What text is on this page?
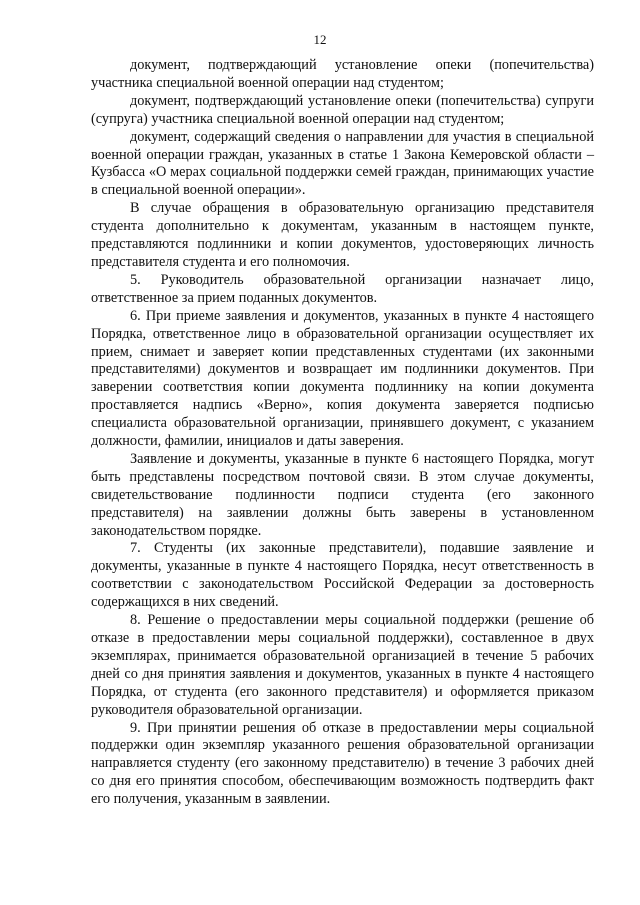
12

документ, подтверждающий установление опеки (попечительства) участника специальной военной операции над студентом;

документ, подтверждающий установление опеки (попечительства) супруги (супруга) участника специальной военной операции над студентом;

документ, содержащий сведения о направлении для участия в специальной военной операции граждан, указанных в статье 1 Закона Кемеровской области – Кузбасса «О мерах социальной поддержки семей граждан, принимающих участие в специальной военной операции».

В случае обращения в образовательную организацию представителя студента дополнительно к документам, указанным в настоящем пункте, представляются подлинники и копии документов, удостоверяющих личность представителя студента и его полномочия.

5. Руководитель образовательной организации назначает лицо, ответственное за прием поданных документов.

6. При приеме заявления и документов, указанных в пункте 4 настоящего Порядка, ответственное лицо в образовательной организации осуществляет их прием, снимает и заверяет копии представленных студентами (их законными представителями) документов и возвращает им подлинники документов. При заверении соответствия копии документа подлиннику на копии документа проставляется надпись «Верно», копия документа заверяется подписью специалиста образовательной организации, принявшего документ, с указанием должности, фамилии, инициалов и даты заверения.

Заявление и документы, указанные в пункте 6 настоящего Порядка, могут быть представлены посредством почтовой связи. В этом случае документы, свидетельствование подлинности подписи студента (его законного представителя) на заявлении должны быть заверены в установленном законодательством порядке.

7. Студенты (их законные представители), подавшие заявление и документы, указанные в пункте 4 настоящего Порядка, несут ответственность в соответствии с законодательством Российской Федерации за достоверность содержащихся в них сведений.

8. Решение о предоставлении меры социальной поддержки (решение об отказе в предоставлении меры социальной поддержки), составленное в двух экземплярах, принимается образовательной организацией в течение 5 рабочих дней со дня принятия заявления и документов, указанных в пункте 4 настоящего Порядка, от студента (его законного представителя) и оформляется приказом руководителя образовательной организации.

9. При принятии решения об отказе в предоставлении меры социальной поддержки один экземпляр указанного решения образовательной организации направляется студенту (его законному представителю) в течение 3 рабочих дней со дня его принятия способом, обеспечивающим возможность подтвердить факт его получения, указанным в заявлении.
